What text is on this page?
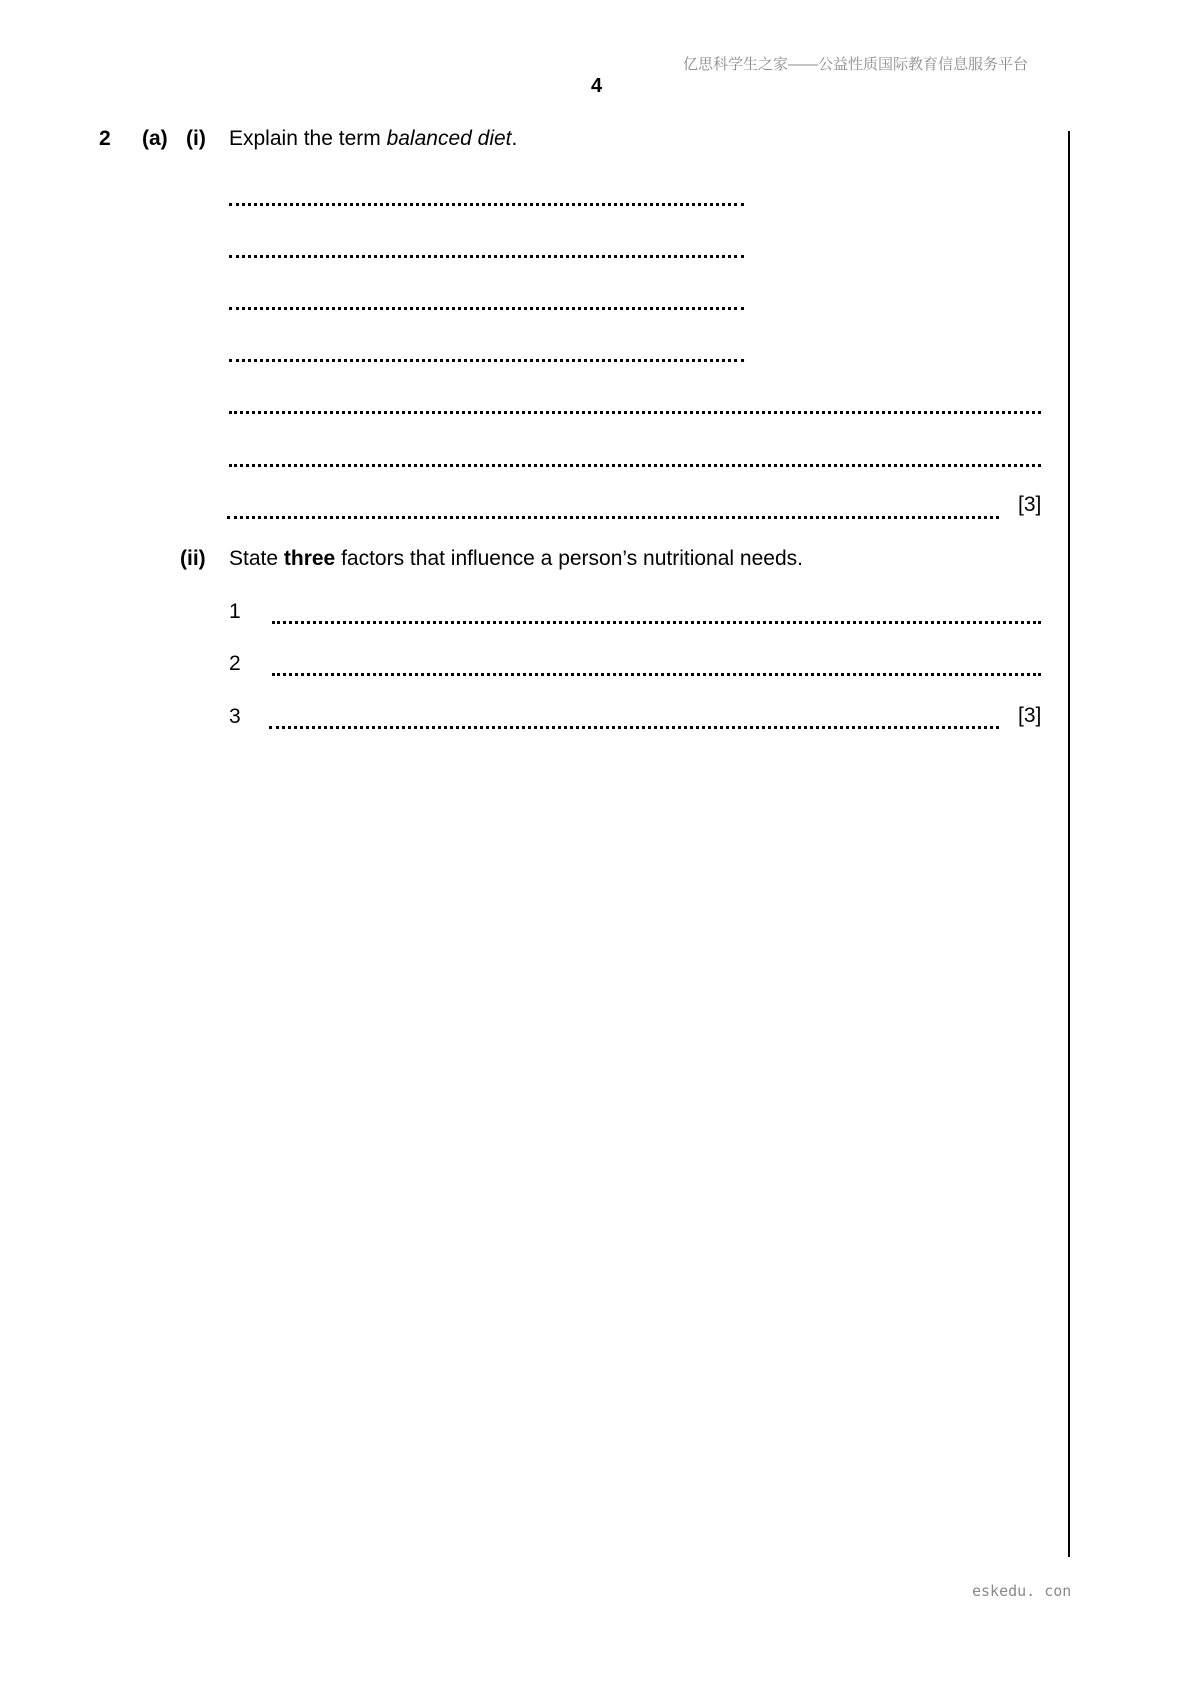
亿思科学生之家——公益性质国际教育信息服务平台
4
2 (a) (i) Explain the term balanced diet.
[3]
(ii) State three factors that influence a person’s nutritional needs.
1
2
3	[3]
eskedu. con
